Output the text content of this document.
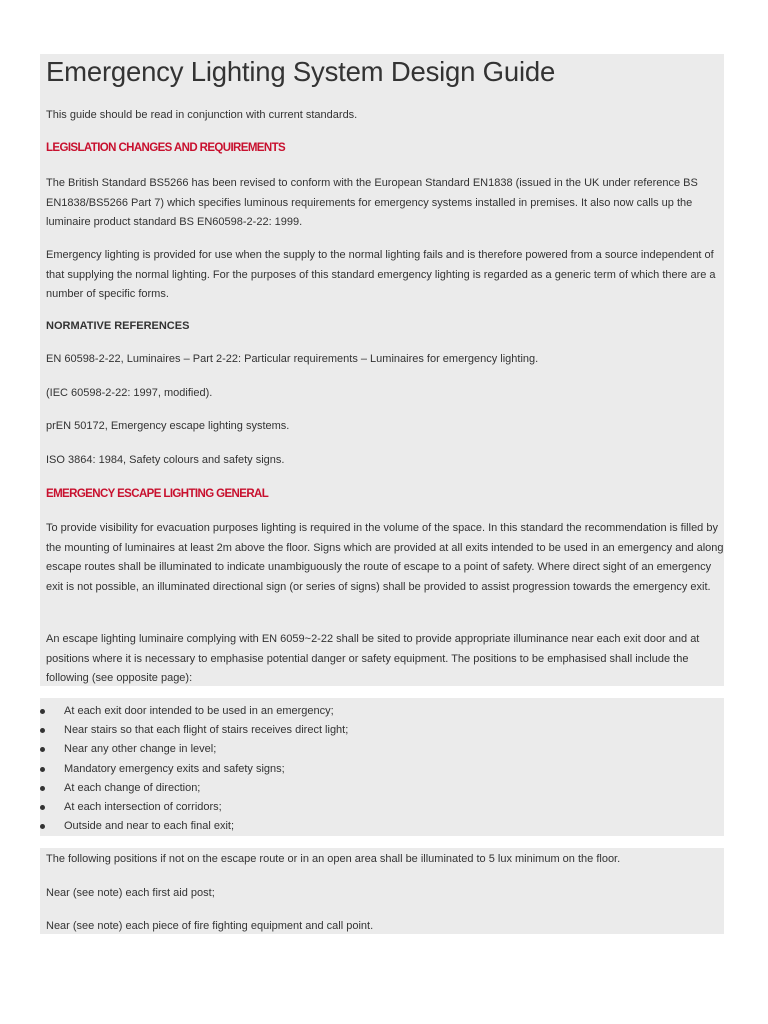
Emergency Lighting System Design Guide

This guide should be read in conjunction with current standards.

LEGISLATION CHANGES AND REQUIREMENTS

The British Standard BS5266 has been revised to conform with the European Standard EN1838 (issued in the UK under reference BS EN1838/BS5266 Part 7) which specifies luminous requirements for emergency systems installed in premises. It also now calls up the luminaire product standard BS EN60598-2-22: 1999.

Emergency lighting is provided for use when the supply to the normal lighting fails and is therefore powered from a source independent of that supplying the normal lighting. For the purposes of this standard emergency lighting is regarded as a generic term of which there are a number of specific forms.

NORMATIVE REFERENCES

EN 60598-2-22, Luminaires – Part 2-22: Particular requirements – Luminaires for emergency lighting.

(IEC 60598-2-22: 1997, modified).

prEN 50172, Emergency escape lighting systems.

ISO 3864: 1984, Safety colours and safety signs.

EMERGENCY ESCAPE LIGHTING GENERAL

To provide visibility for evacuation purposes lighting is required in the volume of the space. In this standard the recommendation is filled by the mounting of luminaires at least 2m above the floor. Signs which are provided at all exits intended to be used in an emergency and along escape routes shall be illuminated to indicate unambiguously the route of escape to a point of safety. Where direct sight of an emergency exit is not possible, an illuminated directional sign (or series of signs) shall be provided to assist progression towards the emergency exit.

An escape lighting luminaire complying with EN 6059~2-22 shall be sited to provide appropriate illuminance near each exit door and at positions where it is necessary to emphasise potential danger or safety equipment. The positions to be emphasised shall include the following (see opposite page):

At each exit door intended to be used in an emergency;
Near stairs so that each flight of stairs receives direct light;
Near any other change in level;
Mandatory emergency exits and safety signs;
At each change of direction;
At each intersection of corridors;
Outside and near to each final exit;

The following positions if not on the escape route or in an open area shall be illuminated to 5 lux minimum on the floor.

Near (see note) each first aid post;

Near (see note) each piece of fire fighting equipment and call point.
